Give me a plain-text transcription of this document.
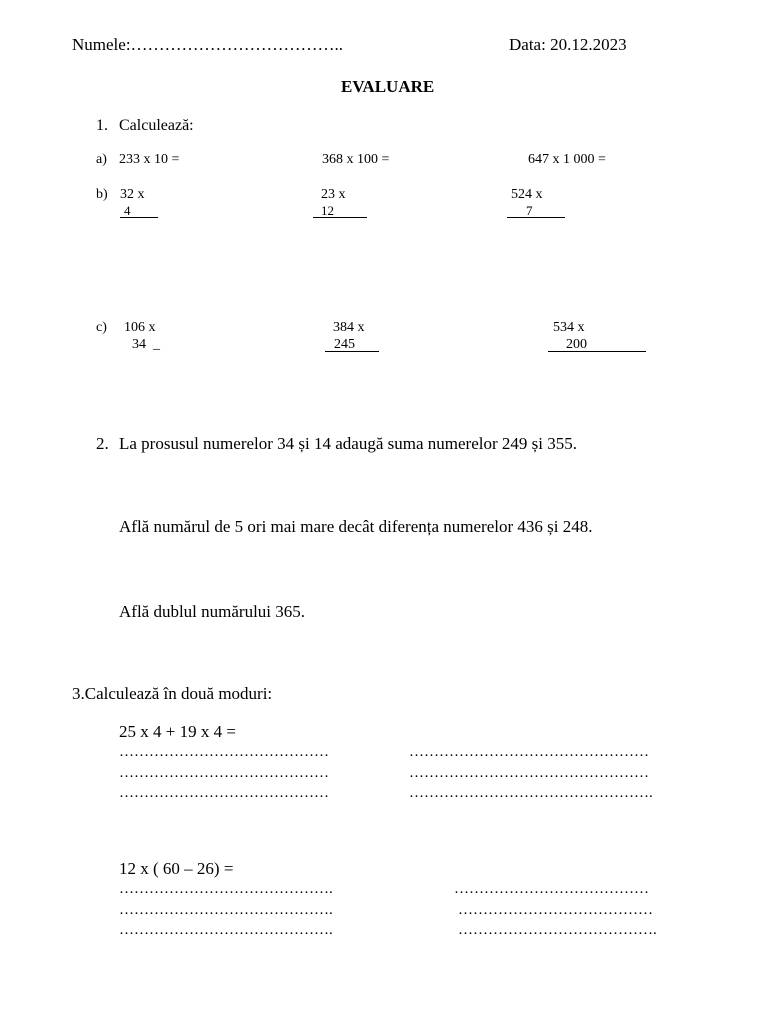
Numele:………………………………..	Data: 20.12.2023
EVALUARE
1. Calculează:
a) 233 x 10 =	368 x 100 =	647 x 1 000 =
b) 32 x
4
23 x
12
524 x
7
c) 106 x
34  _
384 x
245
534 x
200
2. La prosusul numerelor 34 și 14 adaugă suma numerelor 249 și 355.
Află numărul de 5 ori mai mare decât diferența numerelor 436 și 248.
Află dublul numărului 365.
3.Calculează în două moduri:
25 x 4 + 19 x 4 =
……………………………………
……………………………………
……………………………………
…………………………………………
…………………………………………
………………………………………….
12 x ( 60 – 26) =
…………………………………….
…………………………………….
…………………………………….
…………………………………
…………………………………
………………………………….
